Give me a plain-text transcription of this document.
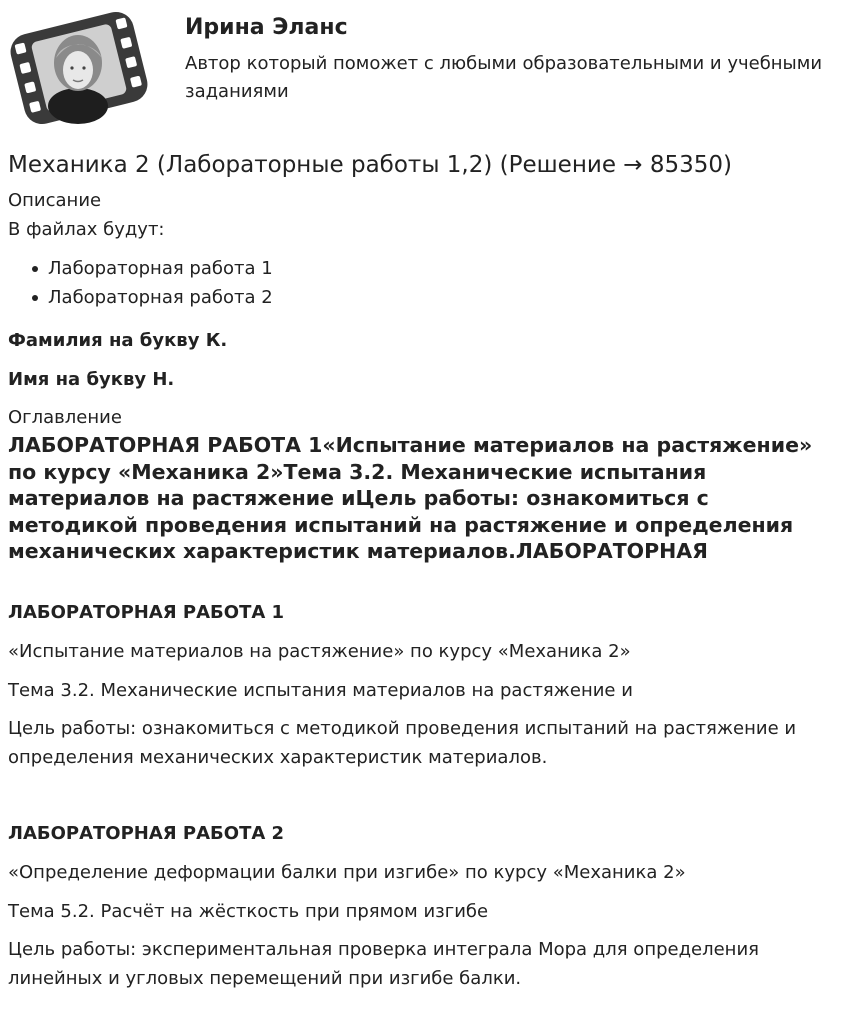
Ирина Эланс
Автор который поможет с любыми образовательными и учебными заданиями
Механика 2 (Лабораторные работы 1,2) (Решение → 85350)
Описание
В файлах будут:
Лабораторная работа 1
Лабораторная работа 2
Фамилия на букву К.
Имя на букву Н.
Оглавление
ЛАБОРАТОРНАЯ РАБОТА 1«Испытание материалов на растяжение» по курсу «Механика 2»Тема 3.2. Механические испытания материалов на растяжение иЦель работы: ознакомиться с методикой проведения испытаний на растяжение и определения механических характеристик материалов.ЛАБОРАТОРНАЯ
ЛАБОРАТОРНАЯ РАБОТА 1
«Испытание материалов на растяжение» по курсу «Механика 2»
Тема 3.2. Механические испытания материалов на растяжение и
Цель работы: ознакомиться с методикой проведения испытаний на растяжение и определения механических характеристик материалов.
ЛАБОРАТОРНАЯ РАБОТА 2
«Определение деформации балки при изгибе» по курсу «Механика 2»
Тема 5.2. Расчёт на жёсткость при прямом изгибе
Цель работы: экспериментальная проверка интеграла Мора для определения линейных и угловых перемещений при изгибе балки.
